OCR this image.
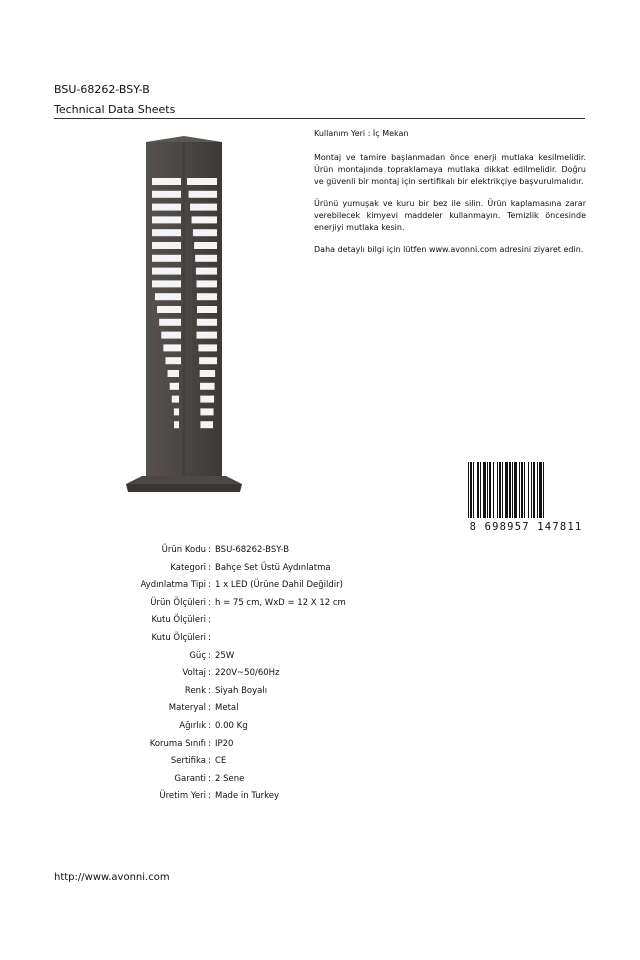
BSU-68262-BSY-B
Technical Data Sheets

Kullanım Yeri : İç Mekan

Montaj ve tamire başlanmadan önce enerji mutlaka kesilmelidir. Ürün montajında topraklamaya mutlaka dikkat edilmelidir. Doğru ve güvenli bir montaj için sertifikalı bir elektrikçiye başvurulmalıdır.

Ürünü yumuşak ve kuru bir bez ile silin. Ürün kaplamasına zarar verebilecek kimyevi maddeler kullanmayın. Temizlik öncesinde enerjiyi mutlaka kesin.

Daha detaylı bilgi için lütfen www.avonni.com adresini ziyaret edin.

8 698957 147811
Ürün Kodu : BSU-68262-BSY-B
Kategori : Bahçe Set Üstü Aydınlatma
Aydınlatma Tipi : 1 x LED (Ürüne Dahil Değildir)
Ürün Ölçüleri : h = 75 cm, WxD = 12 X 12 cm
Kutu Ölçüleri :
Kutu Ölçüleri :
Güç : 25W
Voltaj : 220V~50/60Hz
Renk : Siyah Boyalı
Materyal : Metal
Ağırlık : 0.00 Kg
Koruma Sınıfı : IP20
Sertifika : CE
Garanti : 2 Sene
Üretim Yeri : Made in Turkey
http://www.avonni.com
